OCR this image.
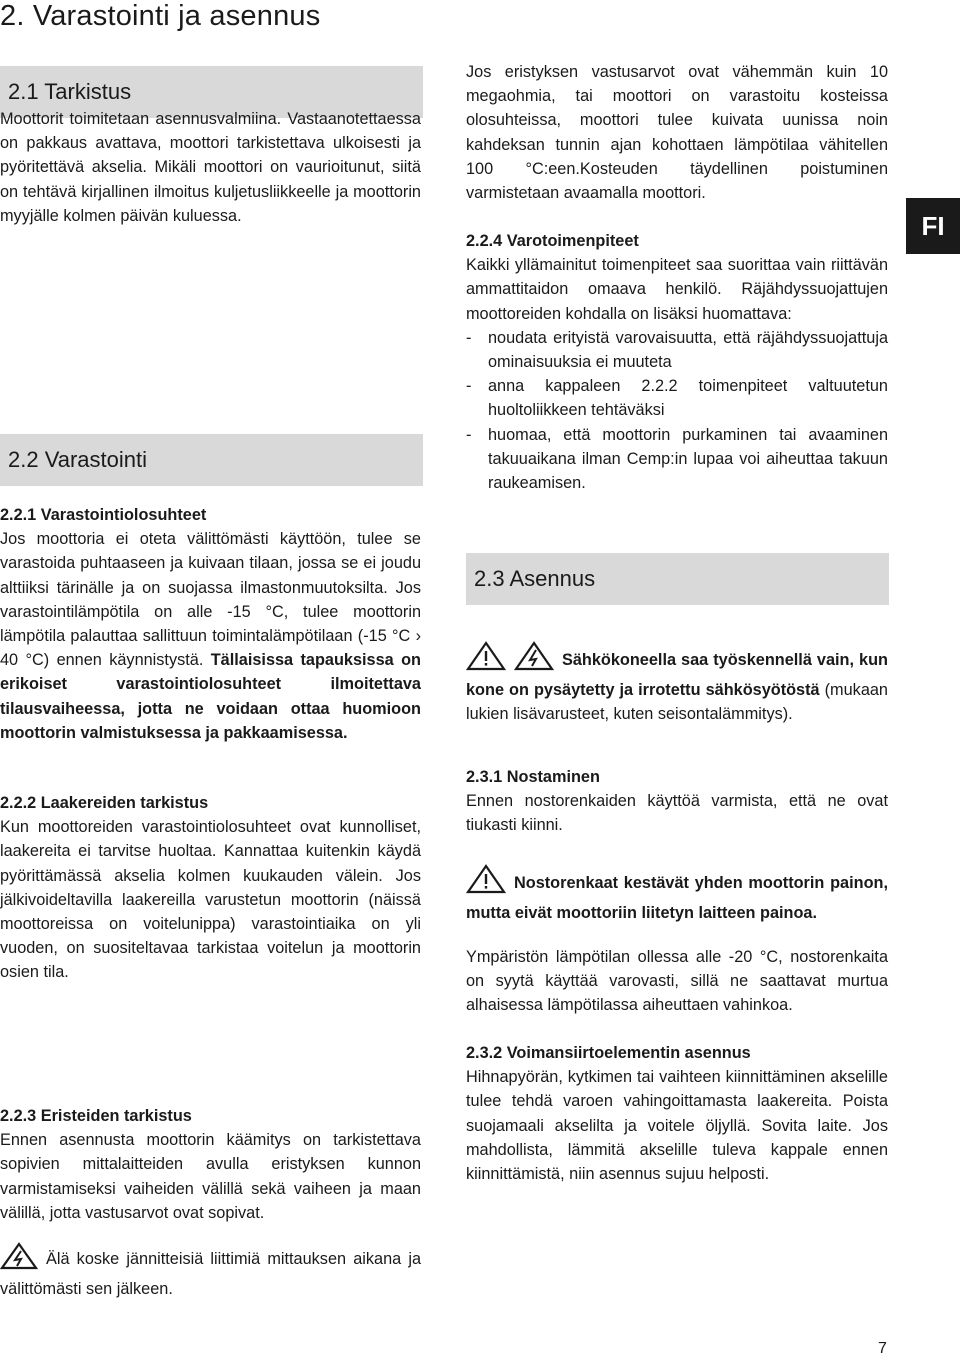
2. Varastointi ja asennus
FI
2.1 Tarkistus

Moottorit toimitetaan asennusvalmiina. Vastaanotettaessa on pakkaus avattava, moottori tarkistettava ulkoisesti ja pyöritettävä akselia. Mikäli moottori on vaurioitunut, siitä on tehtävä kirjallinen ilmoitus kuljetusliikkeelle ja moottorin myyjälle kolmen päivän kuluessa.

2.2 Varastointi
2.2.1 Varastointiolosuhteet
Jos moottoria ei oteta välittömästi käyttöön, tulee se varastoida puhtaaseen ja kuivaan tilaan, jossa se ei joudu alttiiksi tärinälle ja on suojassa ilmastonmuutoksilta. Jos varastointilämpötila on alle -15 °C, tulee moottorin lämpötila palauttaa sallittuun toimintalämpötilaan (-15 °C › 40 °C) ennen käynnistystä. Tällaisissa tapauksissa on erikoiset varastointiolosuhteet ilmoitettava tilausvaiheessa, jotta ne voidaan ottaa huomioon moottorin valmistuksessa ja pakkaamisessa.
2.2.2 Laakereiden tarkistus
Kun moottoreiden varastointiolosuhteet ovat kunnolliset, laakereita ei tarvitse huoltaa. Kannattaa kuitenkin käydä pyörittämässä akselia kolmen kuukauden välein. Jos jälkivoideltavilla laakereilla varustetun moottorin (näissä moottoreissa on voitelunippa) varastointiaika on yli vuoden, on suositeltavaa tarkistaa voitelun ja moottorin osien tila.
2.2.3 Eristeiden tarkistus
Ennen asennusta moottorin käämitys on tarkistettava sopivien mittalaitteiden avulla eristyksen kunnon varmistamiseksi vaiheiden välillä sekä vaiheen ja maan välillä, jotta vastusarvot ovat sopivat.
Älä koske jännitteisiä liittimiä mittauksen aikana ja välittömästi sen jälkeen.

Jos eristyksen vastusarvot ovat vähemmän kuin 10 megaohmia, tai moottori on varastoitu kosteissa olosuhteissa, moottori tulee kuivata uunissa noin kahdeksan tunnin ajan kohottaen lämpötilaa vähitellen 100 °C:een.Kosteuden täydellinen poistuminen varmistetaan avaamalla moottori.

2.2.4 Varotoimenpiteet
Kaikki yllämainitut toimenpiteet saa suorittaa vain riittävän ammattitaidon omaava henkilö. Räjähdyssuojattujen moottoreiden kohdalla on lisäksi huomattava:
- noudata erityistä varovaisuutta, että räjähdyssuojattuja ominaisuuksia ei muuteta
- anna kappaleen 2.2.2 toimenpiteet valtuutetun huoltoliikkeen tehtäväksi
- huomaa, että moottorin purkaminen tai avaaminen takuuaikana ilman Cemp:in lupaa voi aiheuttaa takuun raukeamisen.
2.3 Asennus
Sähkökoneella saa työskennellä vain, kun kone on pysäytetty ja irrotettu sähkösyötöstä (mukaan lukien lisävarusteet, kuten seisontalämmitys).
2.3.1 Nostaminen
Ennen nostorenkaiden käyttöä varmista, että ne ovat tiukasti kiinni.
Nostorenkaat kestävät yhden moottorin painon, mutta eivät moottoriin liitetyn laitteen painoa.

Ympäristön lämpötilan ollessa alle -20 °C, nostorenkaita on syytä käyttää varovasti, sillä ne saattavat murtua alhaisessa lämpötilassa aiheuttaen vahinkoa.

2.3.2 Voimansiirtoelementin asennus
Hihnapyörän, kytkimen tai vaihteen kiinnittäminen akselille tulee tehdä varoen vahingoittamasta laakereita. Poista suojamaali akselilta ja voitele öljyllä. Sovita laite. Jos mahdollista, lämmitä akselille tuleva kappale ennen kiinnittämistä, niin asennus sujuu helposti.
7
